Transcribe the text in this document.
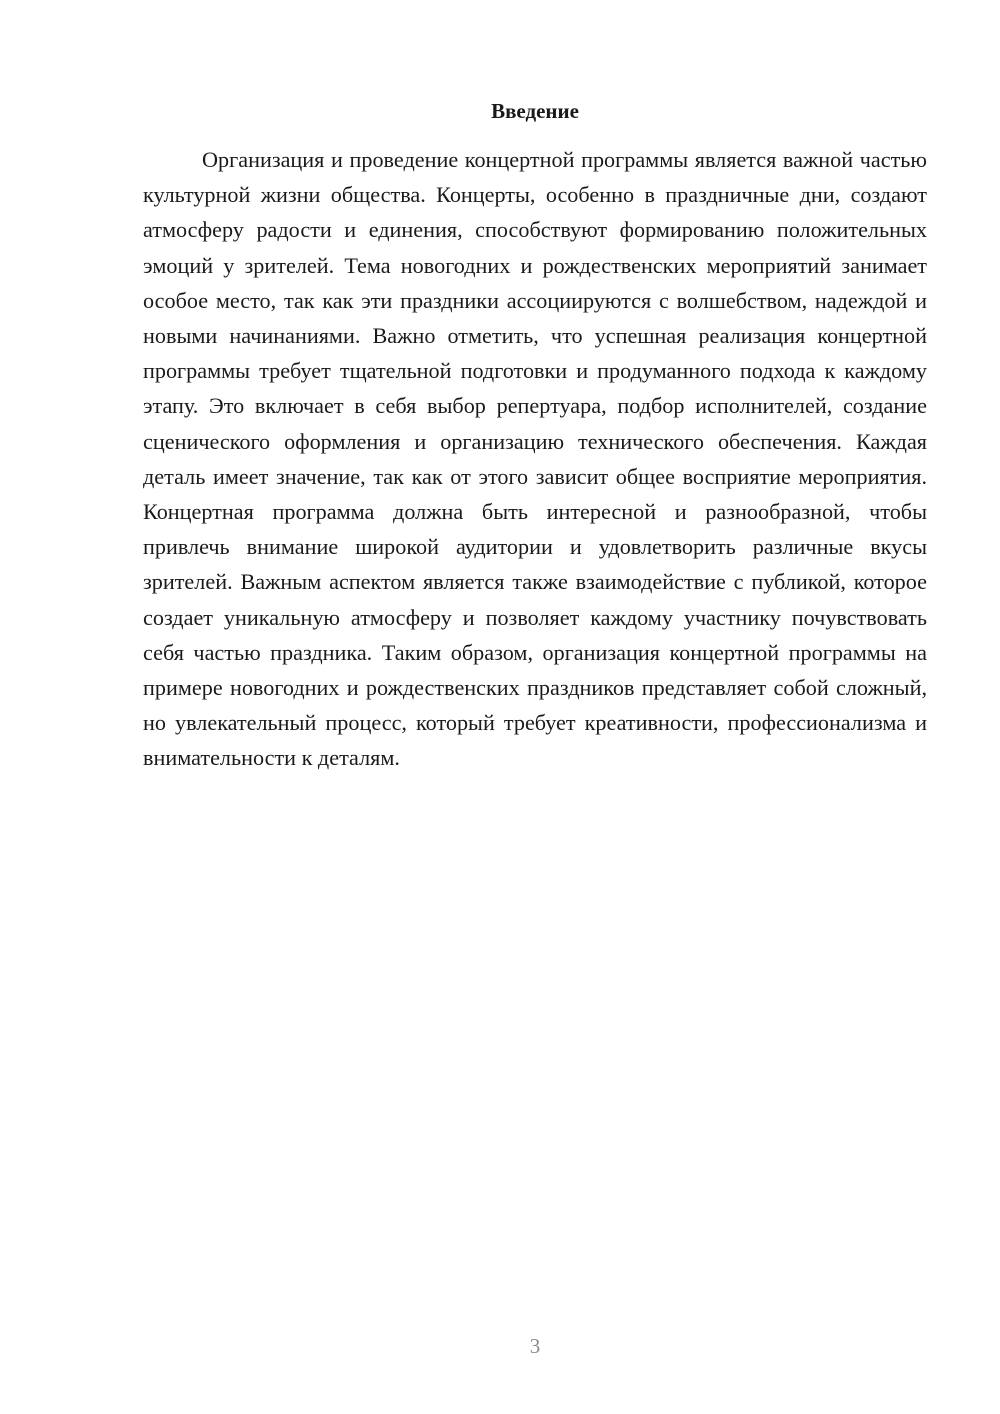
Введение

Организация и проведение концертной программы является важной частью культурной жизни общества. Концерты, особенно в праздничные дни, создают атмосферу радости и единения, способствуют формированию положительных эмоций у зрителей. Тема новогодних и рождественских мероприятий занимает особое место, так как эти праздники ассоциируются с волшебством, надеждой и новыми начинаниями. Важно отметить, что успешная реализация концертной программы требует тщательной подготовки и продуманного подхода к каждому этапу. Это включает в себя выбор репертуара, подбор исполнителей, создание сценического оформления и организацию технического обеспечения. Каждая деталь имеет значение, так как от этого зависит общее восприятие мероприятия. Концертная программа должна быть интересной и разнообразной, чтобы привлечь внимание широкой аудитории и удовлетворить различные вкусы зрителей. Важным аспектом является также взаимодействие с публикой, которое создает уникальную атмосферу и позволяет каждому участнику почувствовать себя частью праздника. Таким образом, организация концертной программы на примере новогодних и рождественских праздников представляет собой сложный, но увлекательный процесс, который требует креативности, профессионализма и внимательности к деталям.

3
